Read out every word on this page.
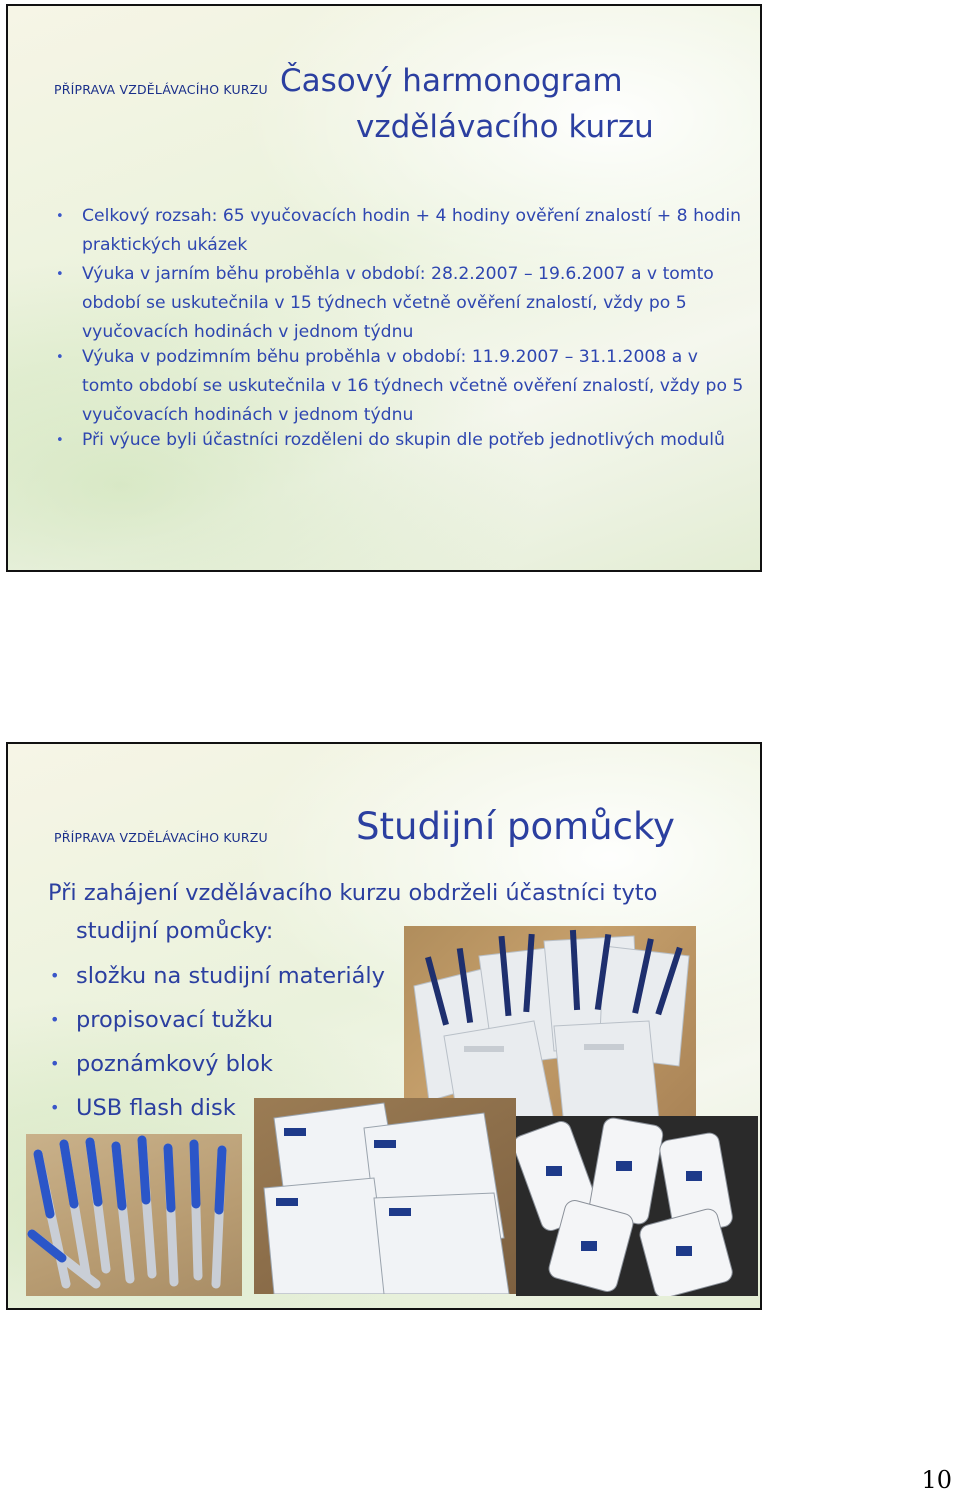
PŘÍPRAVA VZDĚLÁVACÍHO KURZU Časový harmonogram
vzdělávacího kurzu
• Celkový rozsah: 65 vyučovacích hodin + 4 hodiny ověření znalostí + 8 hodin praktických ukázek
• Výuka v jarním běhu proběhla v období: 28.2.2007 – 19.6.2007 a v tomto období se uskutečnila v 15 týdnech včetně ověření znalostí, vždy po 5 vyučovacích hodinách v jednom týdnu
• Výuka v podzimním běhu proběhla v období: 11.9.2007 – 31.1.2008 a v tomto období se uskutečnila v 16 týdnech včetně ověření znalostí, vždy po 5 vyučovacích hodinách v jednom týdnu
• Při výuce byli účastníci rozděleni do skupin dle potřeb jednotlivých modulů
PŘÍPRAVA VZDĚLÁVACÍHO KURZU Studijní pomůcky
Při zahájení vzdělávacího kurzu obdrželi účastníci tyto
studijní pomůcky:
• složku na studijní materiály
• propisovací tužku
• poznámkový blok
• USB flash disk
10
